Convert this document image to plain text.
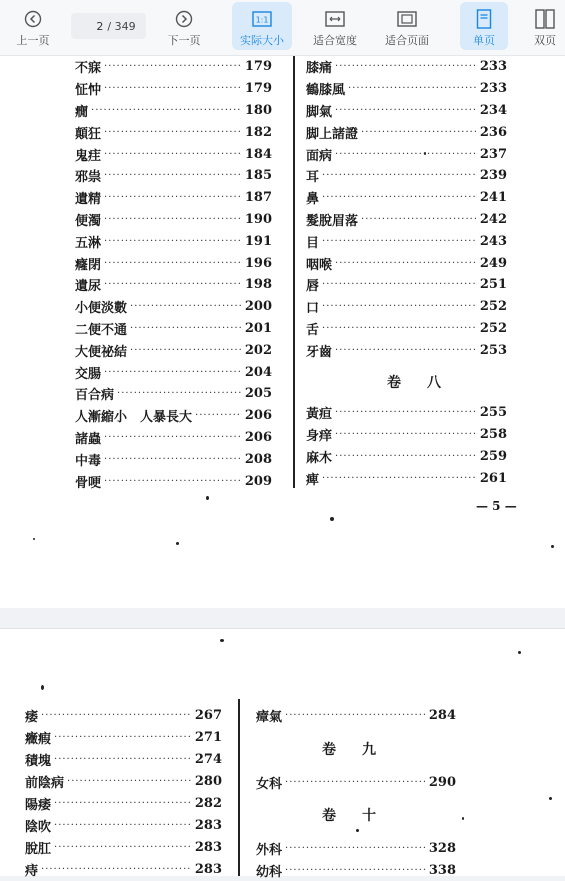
上一页
2
/ 349
下一页
1:1
实际大小	适合宽度	适合页面	单页	双页
不寐 ·····	179
怔忡 ·····	179
癇 ·····	180
顛狂 ·····	182
鬼疰 ·····	184
邪祟 ·····	185
遺精 ·····	187
便濁 ·····	190
五淋 ·····	191
癃閉 ·····	196
遺尿 ·····	198
小便淡數 ·····	200
二便不通 ·····	201
大便祕結 ·····	202
交腸 ·····	204
百合病 ·····	205
人漸縮小　人暴長大 ·····	206
諸蟲 ·····	206
中毒 ·····	208
骨哽 ·····	209
膝痛 ·····	233
鶴膝風 ·····	233
脚氣 ·····	234
脚上諸證 ·····	236
面病 ·····	237
耳 ·····	239
鼻 ·····	241
髮脫眉落 ·····	242
目 ·····	243
咽喉 ·····	249
唇 ·····	251
口 ·····	252
舌 ·····	252
牙齒 ·····	253
卷八
黃疸 ·····	255
身痒 ·····	258
麻木 ·····	259
痺 ·····	261
— 5 —
痿 ·····	267
癥瘕 ·····	271
積塊 ·····	274
前陰病 ·····	280
陽痿 ·····	282
陰吹 ·····	283
脫肛 ·····	283
痔 ·····	283
瘴氣 ·····	284
卷九
女科 ·····	290
卷十
外科 ·····	328
幼科 ·····	338
